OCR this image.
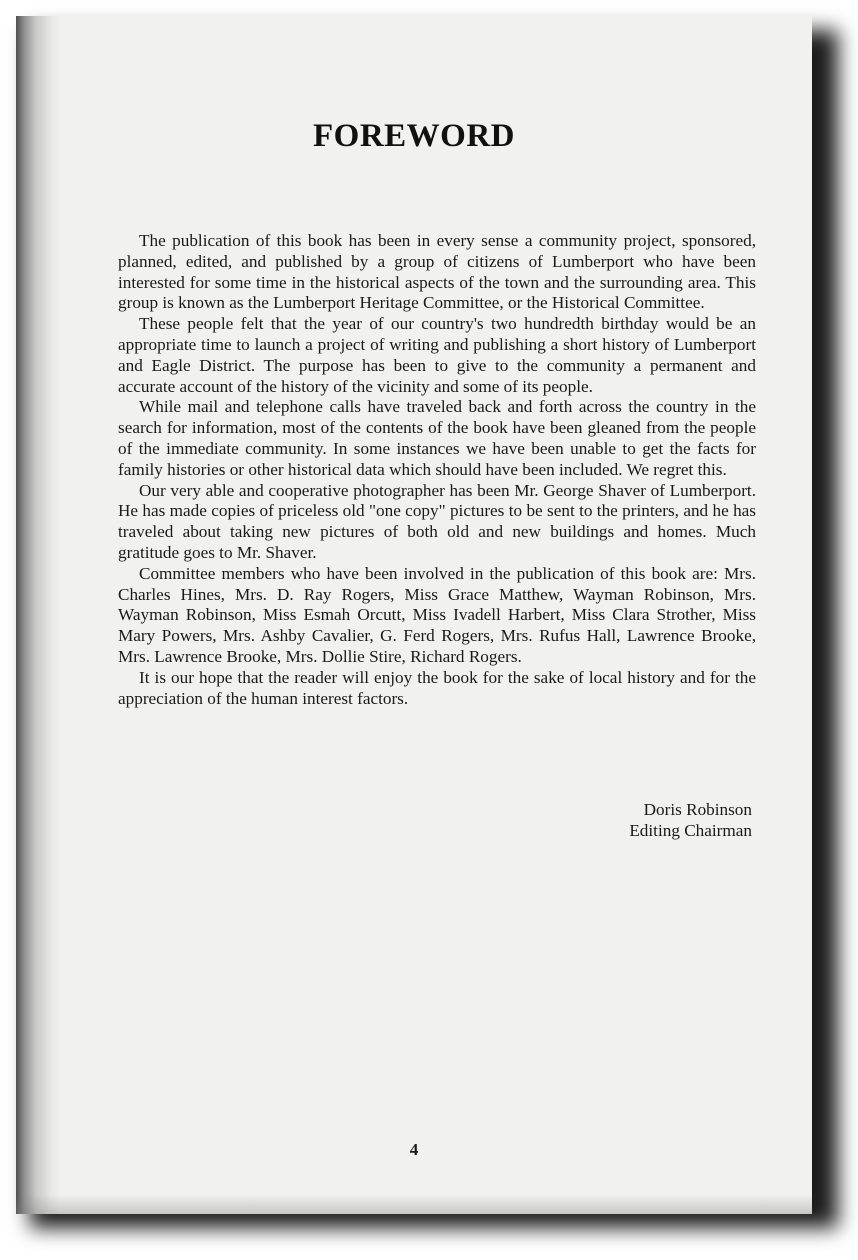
FOREWORD

The publication of this book has been in every sense a community project, sponsored, planned, edited, and published by a group of citizens of Lumberport who have been interested for some time in the historical aspects of the town and the surrounding area. This group is known as the Lumberport Heritage Committee, or the Historical Committee.

These people felt that the year of our country's two hundredth birthday would be an appropriate time to launch a project of writing and publishing a short history of Lumberport and Eagle District. The purpose has been to give to the community a permanent and accurate account of the history of the vicinity and some of its people.

While mail and telephone calls have traveled back and forth across the country in the search for information, most of the contents of the book have been gleaned from the people of the immediate community. In some instances we have been unable to get the facts for family histories or other historical data which should have been included. We regret this.

Our very able and cooperative photographer has been Mr. George Shaver of Lumberport. He has made copies of priceless old "one copy" pictures to be sent to the printers, and he has traveled about taking new pictures of both old and new buildings and homes. Much gratitude goes to Mr. Shaver.

Committee members who have been involved in the publication of this book are: Mrs. Charles Hines, Mrs. D. Ray Rogers, Miss Grace Matthew, Wayman Robinson, Mrs. Wayman Robinson, Miss Esmah Orcutt, Miss Ivadell Harbert, Miss Clara Strother, Miss Mary Powers, Mrs. Ashby Cavalier, G. Ferd Rogers, Mrs. Rufus Hall, Lawrence Brooke, Mrs. Lawrence Brooke, Mrs. Dollie Stire, Richard Rogers.

It is our hope that the reader will enjoy the book for the sake of local history and for the appreciation of the human interest factors.

Doris Robinson
Editing Chairman
4
